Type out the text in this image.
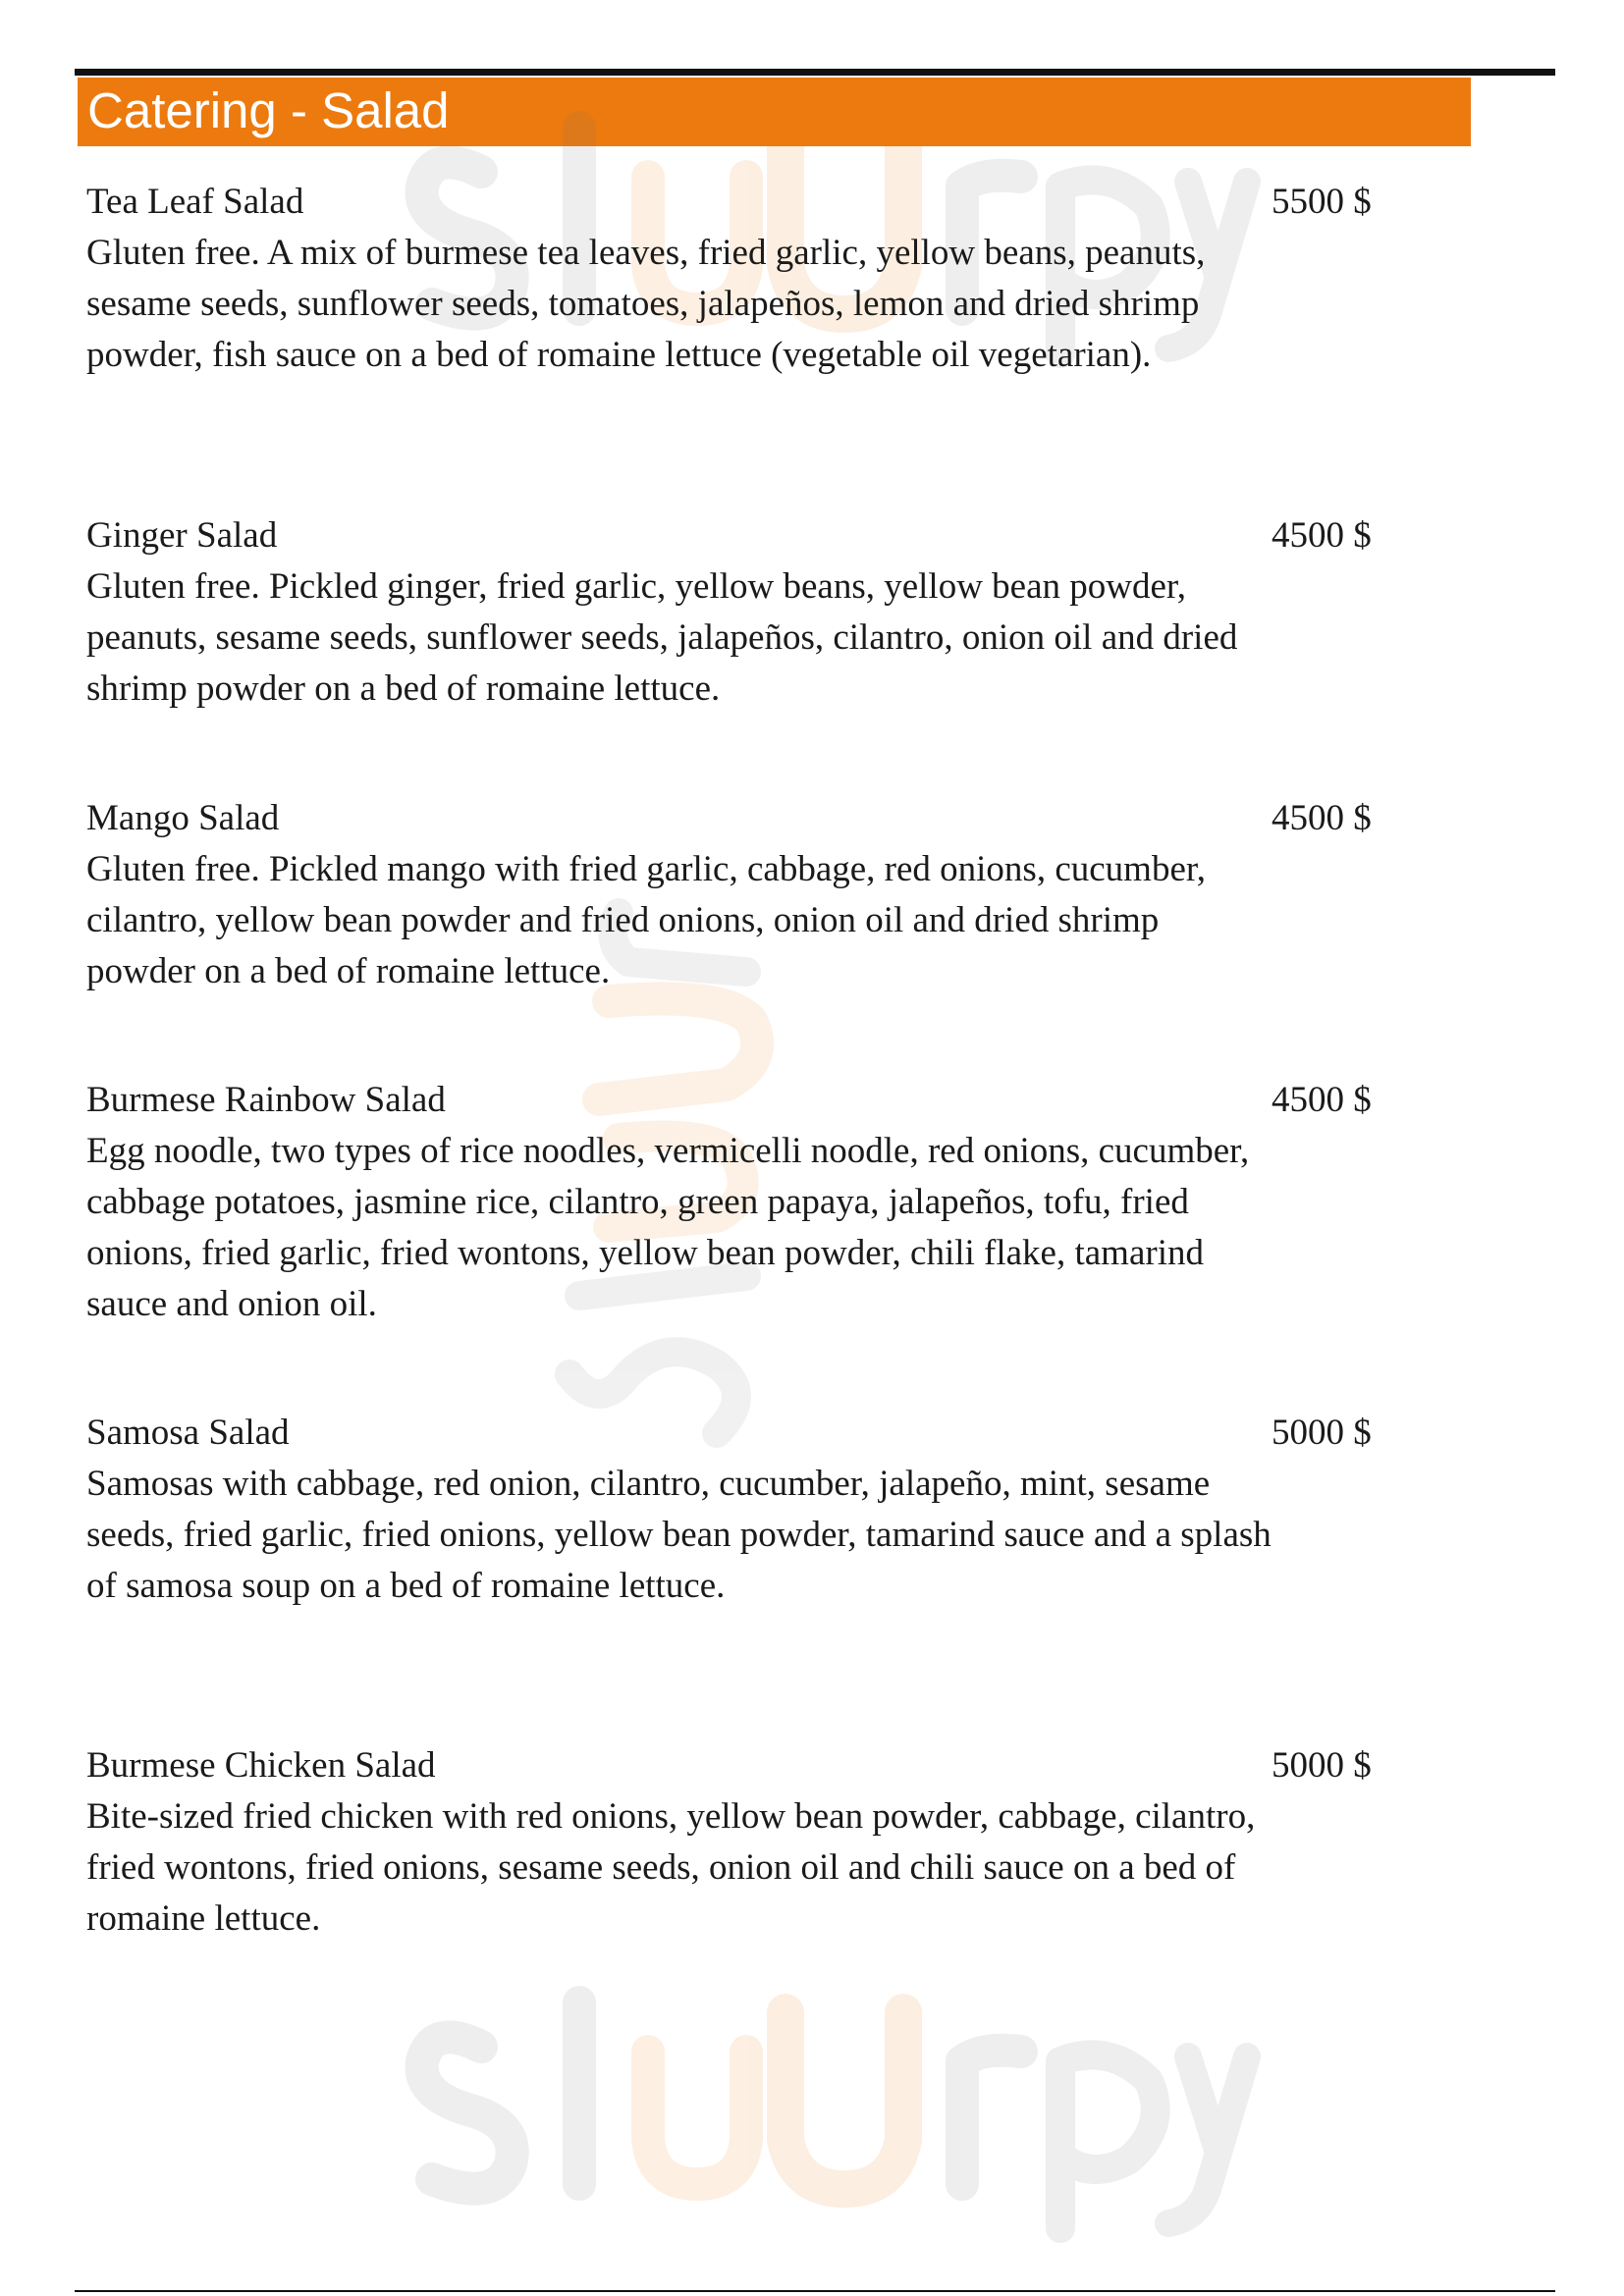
Catering - Salad

Tea Leaf Salad

Gluten free. A mix of burmese tea leaves, fried garlic, yellow beans, peanuts, sesame seeds, sunflower seeds, tomatoes, jalapeños, lemon and dried shrimp powder, fish sauce on a bed of romaine lettuce (vegetable oil vegetarian).

5500 $

Ginger Salad

Gluten free. Pickled ginger, fried garlic, yellow beans, yellow bean powder, peanuts, sesame seeds, sunflower seeds, jalapeños, cilantro, onion oil and dried shrimp powder on a bed of romaine lettuce.

4500 $

Mango Salad

Gluten free. Pickled mango with fried garlic, cabbage, red onions, cucumber, cilantro, yellow bean powder and fried onions, onion oil and dried shrimp powder on a bed of romaine lettuce.

4500 $

Burmese Rainbow Salad

Egg noodle, two types of rice noodles, vermicelli noodle, red onions, cucumber, cabbage potatoes, jasmine rice, cilantro, green papaya, jalapeños, tofu, fried onions, fried garlic, fried wontons, yellow bean powder, chili flake, tamarind sauce and onion oil.

4500 $

Samosa Salad

Samosas with cabbage, red onion, cilantro, cucumber, jalapeño, mint, sesame seeds, fried garlic, fried onions, yellow bean powder, tamarind sauce and a splash of samosa soup on a bed of romaine lettuce.

5000 $

Burmese Chicken Salad

Bite-sized fried chicken with red onions, yellow bean powder, cabbage, cilantro, fried wontons, fried onions, sesame seeds, onion oil and chili sauce on a bed of romaine lettuce.

5000 $
